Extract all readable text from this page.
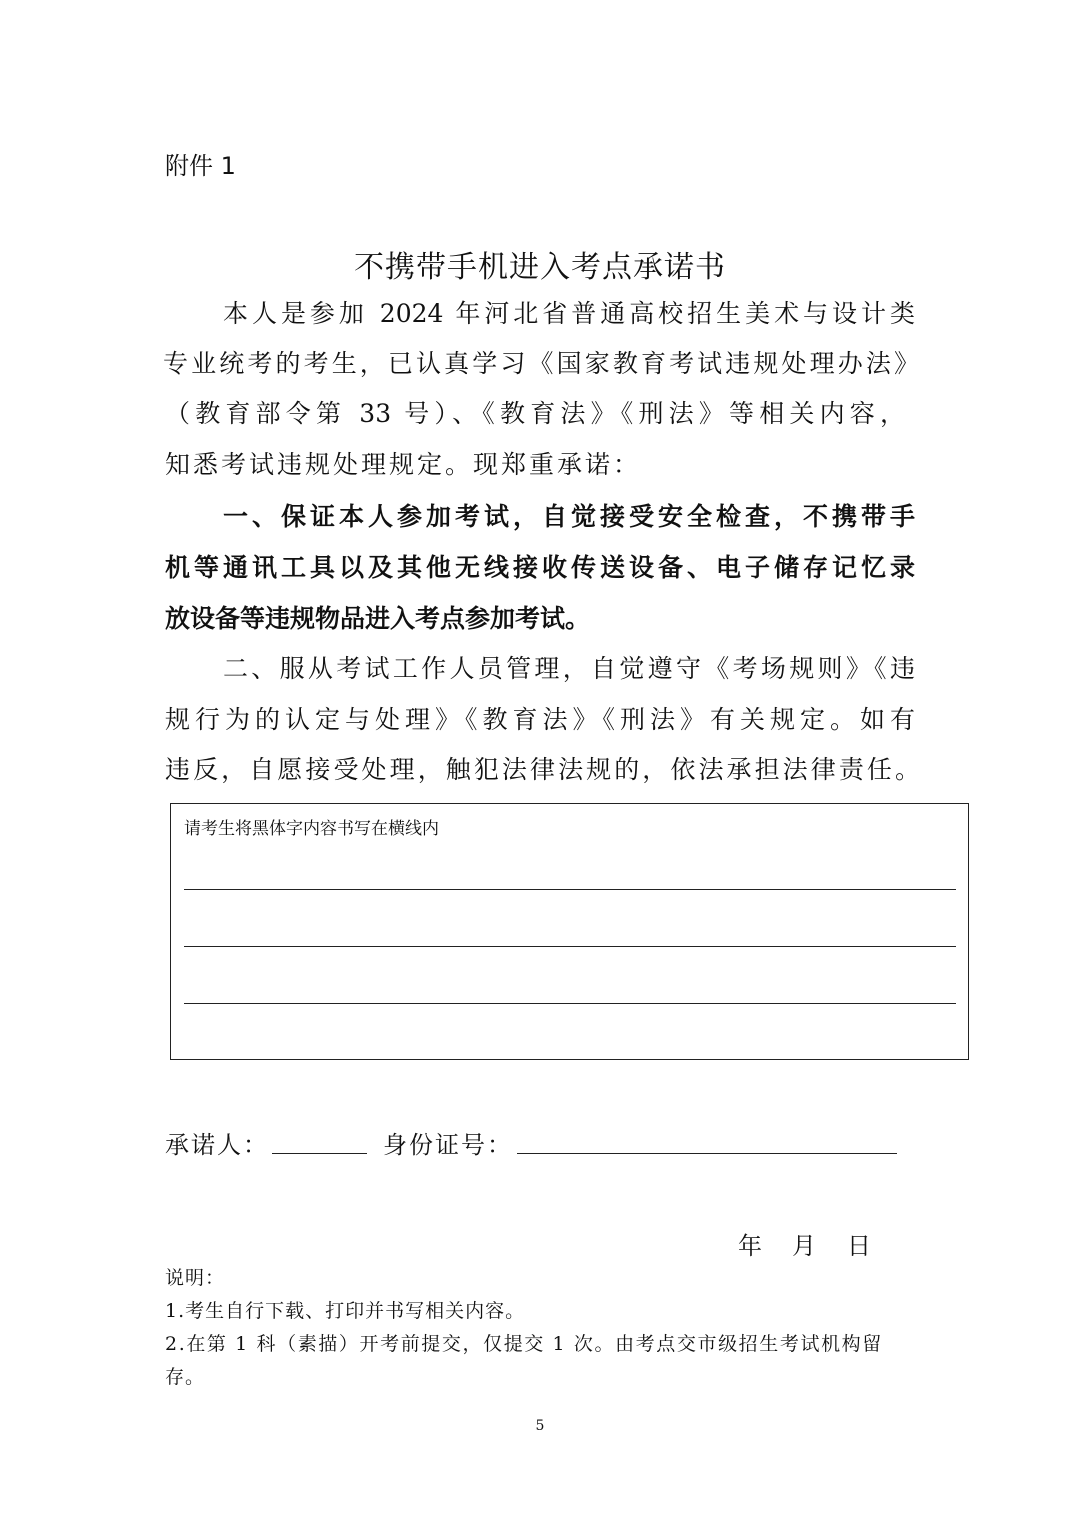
附件 1
不携带手机进入考点承诺书
本人是参加 2024 年河北省普通高校招生美术与设计类
专业统考的考生，已认真学习《国家教育考试违规处理办法》
（教育部令第 33 号）、《教育法》《刑法》等相关内容，
知悉考试违规处理规定。现郑重承诺：
一、保证本人参加考试，自觉接受安全检查，不携带手
机等通讯工具以及其他无线接收传送设备、电子储存记忆录
放设备等违规物品进入考点参加考试。
二、服从考试工作人员管理，自觉遵守《考场规则》《违
规行为的认定与处理》《教育法》《刑法》有关规定。如有
违反，自愿接受处理，触犯法律法规的，依法承担法律责任。
请考生将黑体字内容书写在横线内
承诺人：	身份证号：
年 月 日
说明：
1.考生自行下载、打印并书写相关内容。
2.在第 1 科（素描）开考前提交，仅提交 1 次。由考点交市级招生考试机构留
存。
5
